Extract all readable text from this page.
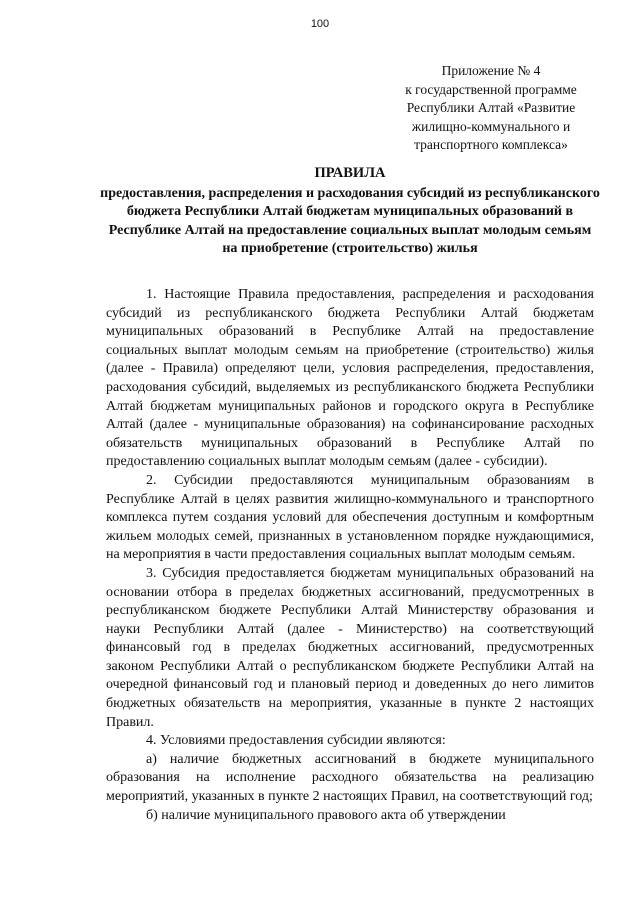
100
Приложение № 4
к государственной программе
Республики Алтай «Развитие
жилищно-коммунального и
транспортного комплекса»
ПРАВИЛА
предоставления, распределения и расходования субсидий из республиканского бюджета Республики Алтай бюджетам муниципальных образований в Республике Алтай на предоставление социальных выплат молодым семьям на приобретение (строительство) жилья

1. Настоящие Правила предоставления, распределения и расходования субсидий из республиканского бюджета Республики Алтай бюджетам муниципальных образований в Республике Алтай на предоставление социальных выплат молодым семьям на приобретение (строительство) жилья (далее - Правила) определяют цели, условия распределения, предоставления, расходования субсидий, выделяемых из республиканского бюджета Республики Алтай бюджетам муниципальных районов и городского округа в Республике Алтай (далее - муниципальные образования) на софинансирование расходных обязательств муниципальных образований в Республике Алтай по предоставлению социальных выплат молодым семьям (далее - субсидии).

2. Субсидии предоставляются муниципальным образованиям в Республике Алтай в целях развития жилищно-коммунального и транспортного комплекса путем создания условий для обеспечения доступным и комфортным жильем молодых семей, признанных в установленном порядке нуждающимися, на мероприятия в части предоставления социальных выплат молодым семьям.

3. Субсидия предоставляется бюджетам муниципальных образований на основании отбора в пределах бюджетных ассигнований, предусмотренных в республиканском бюджете Республики Алтай Министерству образования и науки Республики Алтай (далее - Министерство) на соответствующий финансовый год в пределах бюджетных ассигнований, предусмотренных законом Республики Алтай о республиканском бюджете Республики Алтай на очередной финансовый год и плановый период и доведенных до него лимитов бюджетных обязательств на мероприятия, указанные в пункте 2 настоящих Правил.

4. Условиями предоставления субсидии являются:

а) наличие бюджетных ассигнований в бюджете муниципального образования на исполнение расходного обязательства на реализацию мероприятий, указанных в пункте 2 настоящих Правил, на соответствующий год;

б) наличие муниципального правового акта об утверждении
